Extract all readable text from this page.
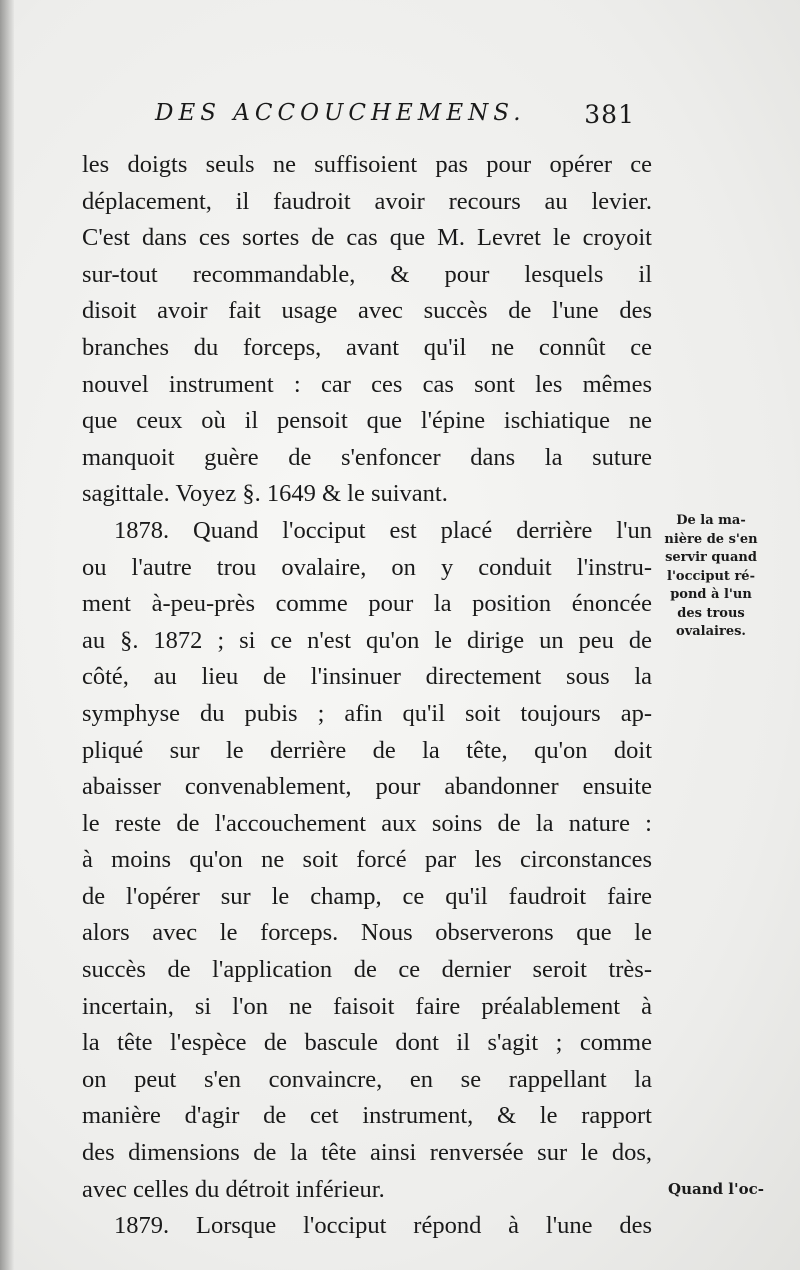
DES ACCOUCHEMENS. 381
les doigts seuls ne suffisoient pas pour opérer ce
déplacement, il faudroit avoir recours au levier.
C'est dans ces sortes de cas que M. Levret le croyoit
sur-tout recommandable, & pour lesquels il
disoit avoir fait usage avec succès de l'une des
branches du forceps, avant qu'il ne connût ce
nouvel instrument : car ces cas sont les mêmes
que ceux où il pensoit que l'épine ischiatique ne
manquoit guère de s'enfoncer dans la suture
sagittale. Voyez §. 1649 & le suivant.
1878. Quand l'occiput est placé derrière l'un
ou l'autre trou ovalaire, on y conduit l'instru-
ment à-peu-près comme pour la position énoncée
au §. 1872 ; si ce n'est qu'on le dirige un peu de
côté, au lieu de l'insinuer directement sous la
symphyse du pubis ; afin qu'il soit toujours ap-
pliqué sur le derrière de la tête, qu'on doit
abaisser convenablement, pour abandonner ensuite
le reste de l'accouchement aux soins de la nature :
à moins qu'on ne soit forcé par les circonstances
de l'opérer sur le champ, ce qu'il faudroit faire
alors avec le forceps. Nous observerons que le
succès de l'application de ce dernier seroit très-
incertain, si l'on ne faisoit faire préalablement à
la tête l'espèce de bascule dont il s'agit ; comme
on peut s'en convaincre, en se rappellant la
manière d'agir de cet instrument, & le rapport
des dimensions de la tête ainsi renversée sur le dos,
avec celles du détroit inférieur.
1879. Lorsque l'occiput répond à l'une des
De la ma-
nière de s'en
servir quand
l'occiput ré-
pond à l'un
des trous
ovalaires.
Quand l'oc-
